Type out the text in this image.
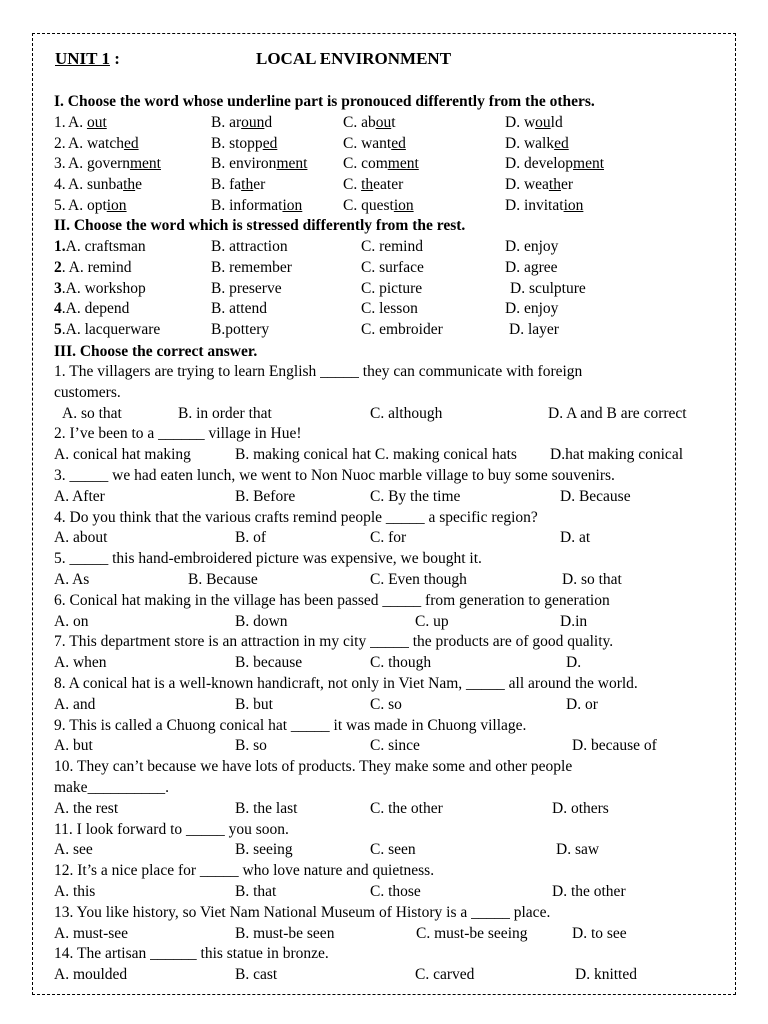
UNIT 1 :	LOCAL ENVIRONMENT
I. Choose the word whose underline part is pronouced differently from the others.
1. A. out	B. around	C. about	D. would
2. A. watched	B. stopped	C. wanted	D. walked
3. A. government	B. environment C. comment	D. development
4. A. sunbathe	B. father	C. theater	D. weather
5. A. option	B. information	C. question	D. invitation
II. Choose the word which is stressed differently from the rest.
1.A. craftsman	B. attraction	C. remind	D. enjoy
2. A. remind	B. remember	C. surface	D. agree
3.A. workshop	B. preserve	C. picture	D. sculpture
4.A. depend	B. attend	C. lesson	D. enjoy
5.A. lacquerware	B.pottery	C. embroider	D. layer
III. Choose the correct answer.
1. The villagers are trying to learn English _____ they can communicate with foreign
customers.
A. so that	B. in order that	C. although	D. A and B are correct
2. I’ve been to a ______ village in Hue!
A. conical hat making	B. making conical hat C. making conical hats D.hat making conical
3. _____ we had eaten lunch, we went to Non Nuoc marble village to buy some souvenirs.
A. After	B. Before	C. By the time	D. Because
4. Do you think that the various crafts remind people _____ a specific region?
A. about	B. of	C. for	D. at
5. _____ this hand-embroidered picture was expensive, we bought it.
A. As	B. Because	C. Even though	D. so that
6. Conical hat making in the village has been passed _____ from generation to generation
A. on	B. down	C. up	D.in
7. This department store is an attraction in my city _____ the products are of good quality.
A. when	B. because	C. though	D.
8. A conical hat is a well-known handicraft, not only in Viet Nam, _____ all around the world.
A. and	B. but	C. so	D. or
9. This is called a Chuong conical hat _____ it was made in Chuong village.
A. but	B. so	C. since	D. because of
10. They can’t because we have lots of products. They make some and other people
make__________.
A. the rest	B. the last	C. the other	D. others
11. I look forward to _____ you soon.
A. see	B. seeing	C. seen	D. saw
12. It’s a nice place for _____ who love nature and quietness.
A. this	B. that	C. those	D. the other
13. You like history, so Viet Nam National Museum of History is a _____ place.
A. must-see	B. must-be seen	C. must-be seeing	D. to see
14. The artisan ______ this statue in bronze.
A. moulded	B. cast	C. carved	D. knitted
